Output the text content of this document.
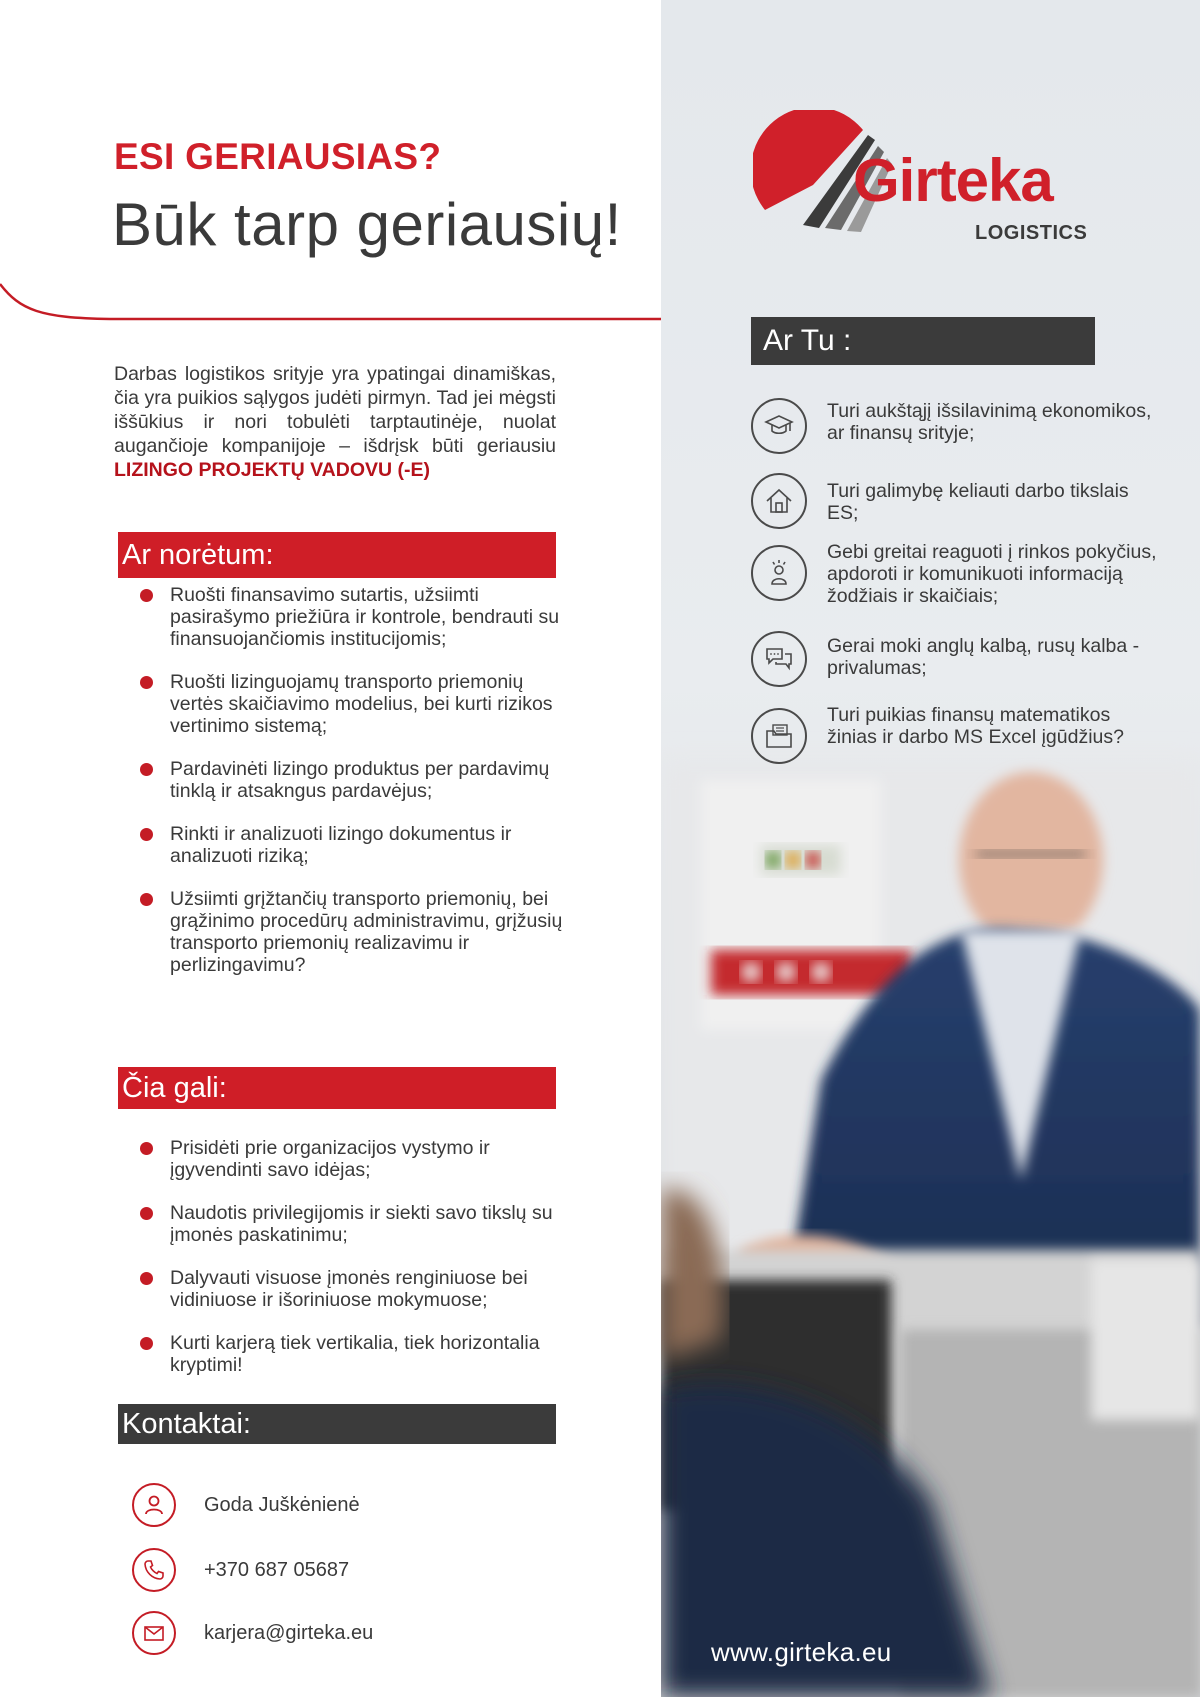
ESI GERIAUSIAS?
Būk tarp geriausių!
Darbas logistikos srityje yra ypatingai dinamiškas, čia yra puikios sąlygos judėti pirmyn. Tad jei mėgsti iššūkius ir nori tobulėti tarptautinėje, nuolat augančioje kompanijoje – išdrįsk būti geriausiu LIZINGO PROJEKTŲ VADOVU (-E)
Ar norėtum:
Ruošti finansavimo sutartis, užsiimti pasirašymo priežiūra ir kontrole, bendrauti su finansuojančiomis institucijomis;
Ruošti lizinguojamų transporto priemonių vertės skaičiavimo modelius, bei kurti rizikos vertinimo sistemą;
Pardavinėti lizingo produktus per pardavimų tinklą ir atsakngus pardavėjus;
Rinkti ir analizuoti lizingo dokumentus ir analizuoti riziką;
Užsiimti grįžtančių transporto priemonių, bei grąžinimo procedūrų administravimu, grįžusių transporto priemonių realizavimu ir perlizingavimu?
Čia gali:
Prisidėti prie organizacijos vystymo ir įgyvendinti savo idėjas;
Naudotis privilegijomis ir siekti savo tikslų su įmonės paskatinimu;
Dalyvauti visuose įmonės renginiuose bei vidiniuose ir išoriniuose mokymuose;
Kurti karjerą tiek vertikalia, tiek horizontalia kryptimi!
Kontaktai:
Goda Juškėnienė
+370 687 05687
karjera@girteka.eu
Girteka
LOGISTICS
Ar Tu :
Turi aukštąjį išsilavinimą ekonomikos, ar finansų srityje;
Turi galimybę keliauti darbo tikslais ES;
Gebi greitai reaguoti į rinkos pokyčius, apdoroti ir komunikuoti informaciją žodžiais ir skaičiais;
Gerai moki anglų kalbą, rusų kalba - privalumas;
Turi puikias finansų matematikos žinias ir darbo MS Excel įgūdžius?
www.girteka.eu
